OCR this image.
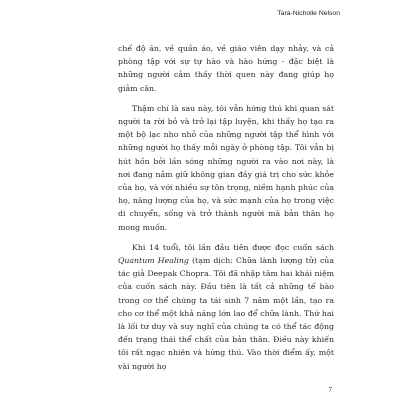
Tara-Nicholle Nelson

chế độ ăn, về quần áo, về giáo viên dạy nhảy, và cả phòng tập với sự tự hào và hào hứng - đặc biệt là những người cảm thấy thời quen này đang giúp họ giảm cân.

Thậm chí là sau này, tôi vẫn hứng thú khi quan sát người ta rời bỏ và trở lại tập luyện, khi thấy họ tạo ra một bộ lạc nho nhỏ của những người tập thể hình với những người họ thấy mỗi ngày ở phòng tập. Tôi vẫn bị hút hồn bởi lần sóng những người ra vào nơi này, là nơi đang nắm giữ không gian đầy giá trị cho sức khỏe của họ, và với nhiều sự tôn trọng, niềm hạnh phúc của họ, năng lượng của họ, và sức mạnh của họ trong việc di chuyển, sống và trở thành người mà bản thân họ mong muốn.

Khi 14 tuổi, tôi lần đầu tiên được đọc cuốn sách Quantum Healing (tạm dịch: Chữa lành lượng tử) của tác giả Deepak Chopra. Tôi đã nhập tâm hai khái niệm của cuốn sách này. Đầu tiên là tất cả những tế bào trong cơ thể chúng ta tái sinh 7 năm một lần, tạo ra cho cơ thể một khả năng lớn lao để chữa lành. Thứ hai là lối tư duy và suy nghĩ của chúng ta có thể tác động đến trạng thái thể chất của bản thân. Điều này khiến tôi rất ngạc nhiên và hứng thú. Vào thời điểm ấy, một vài người họ

7
